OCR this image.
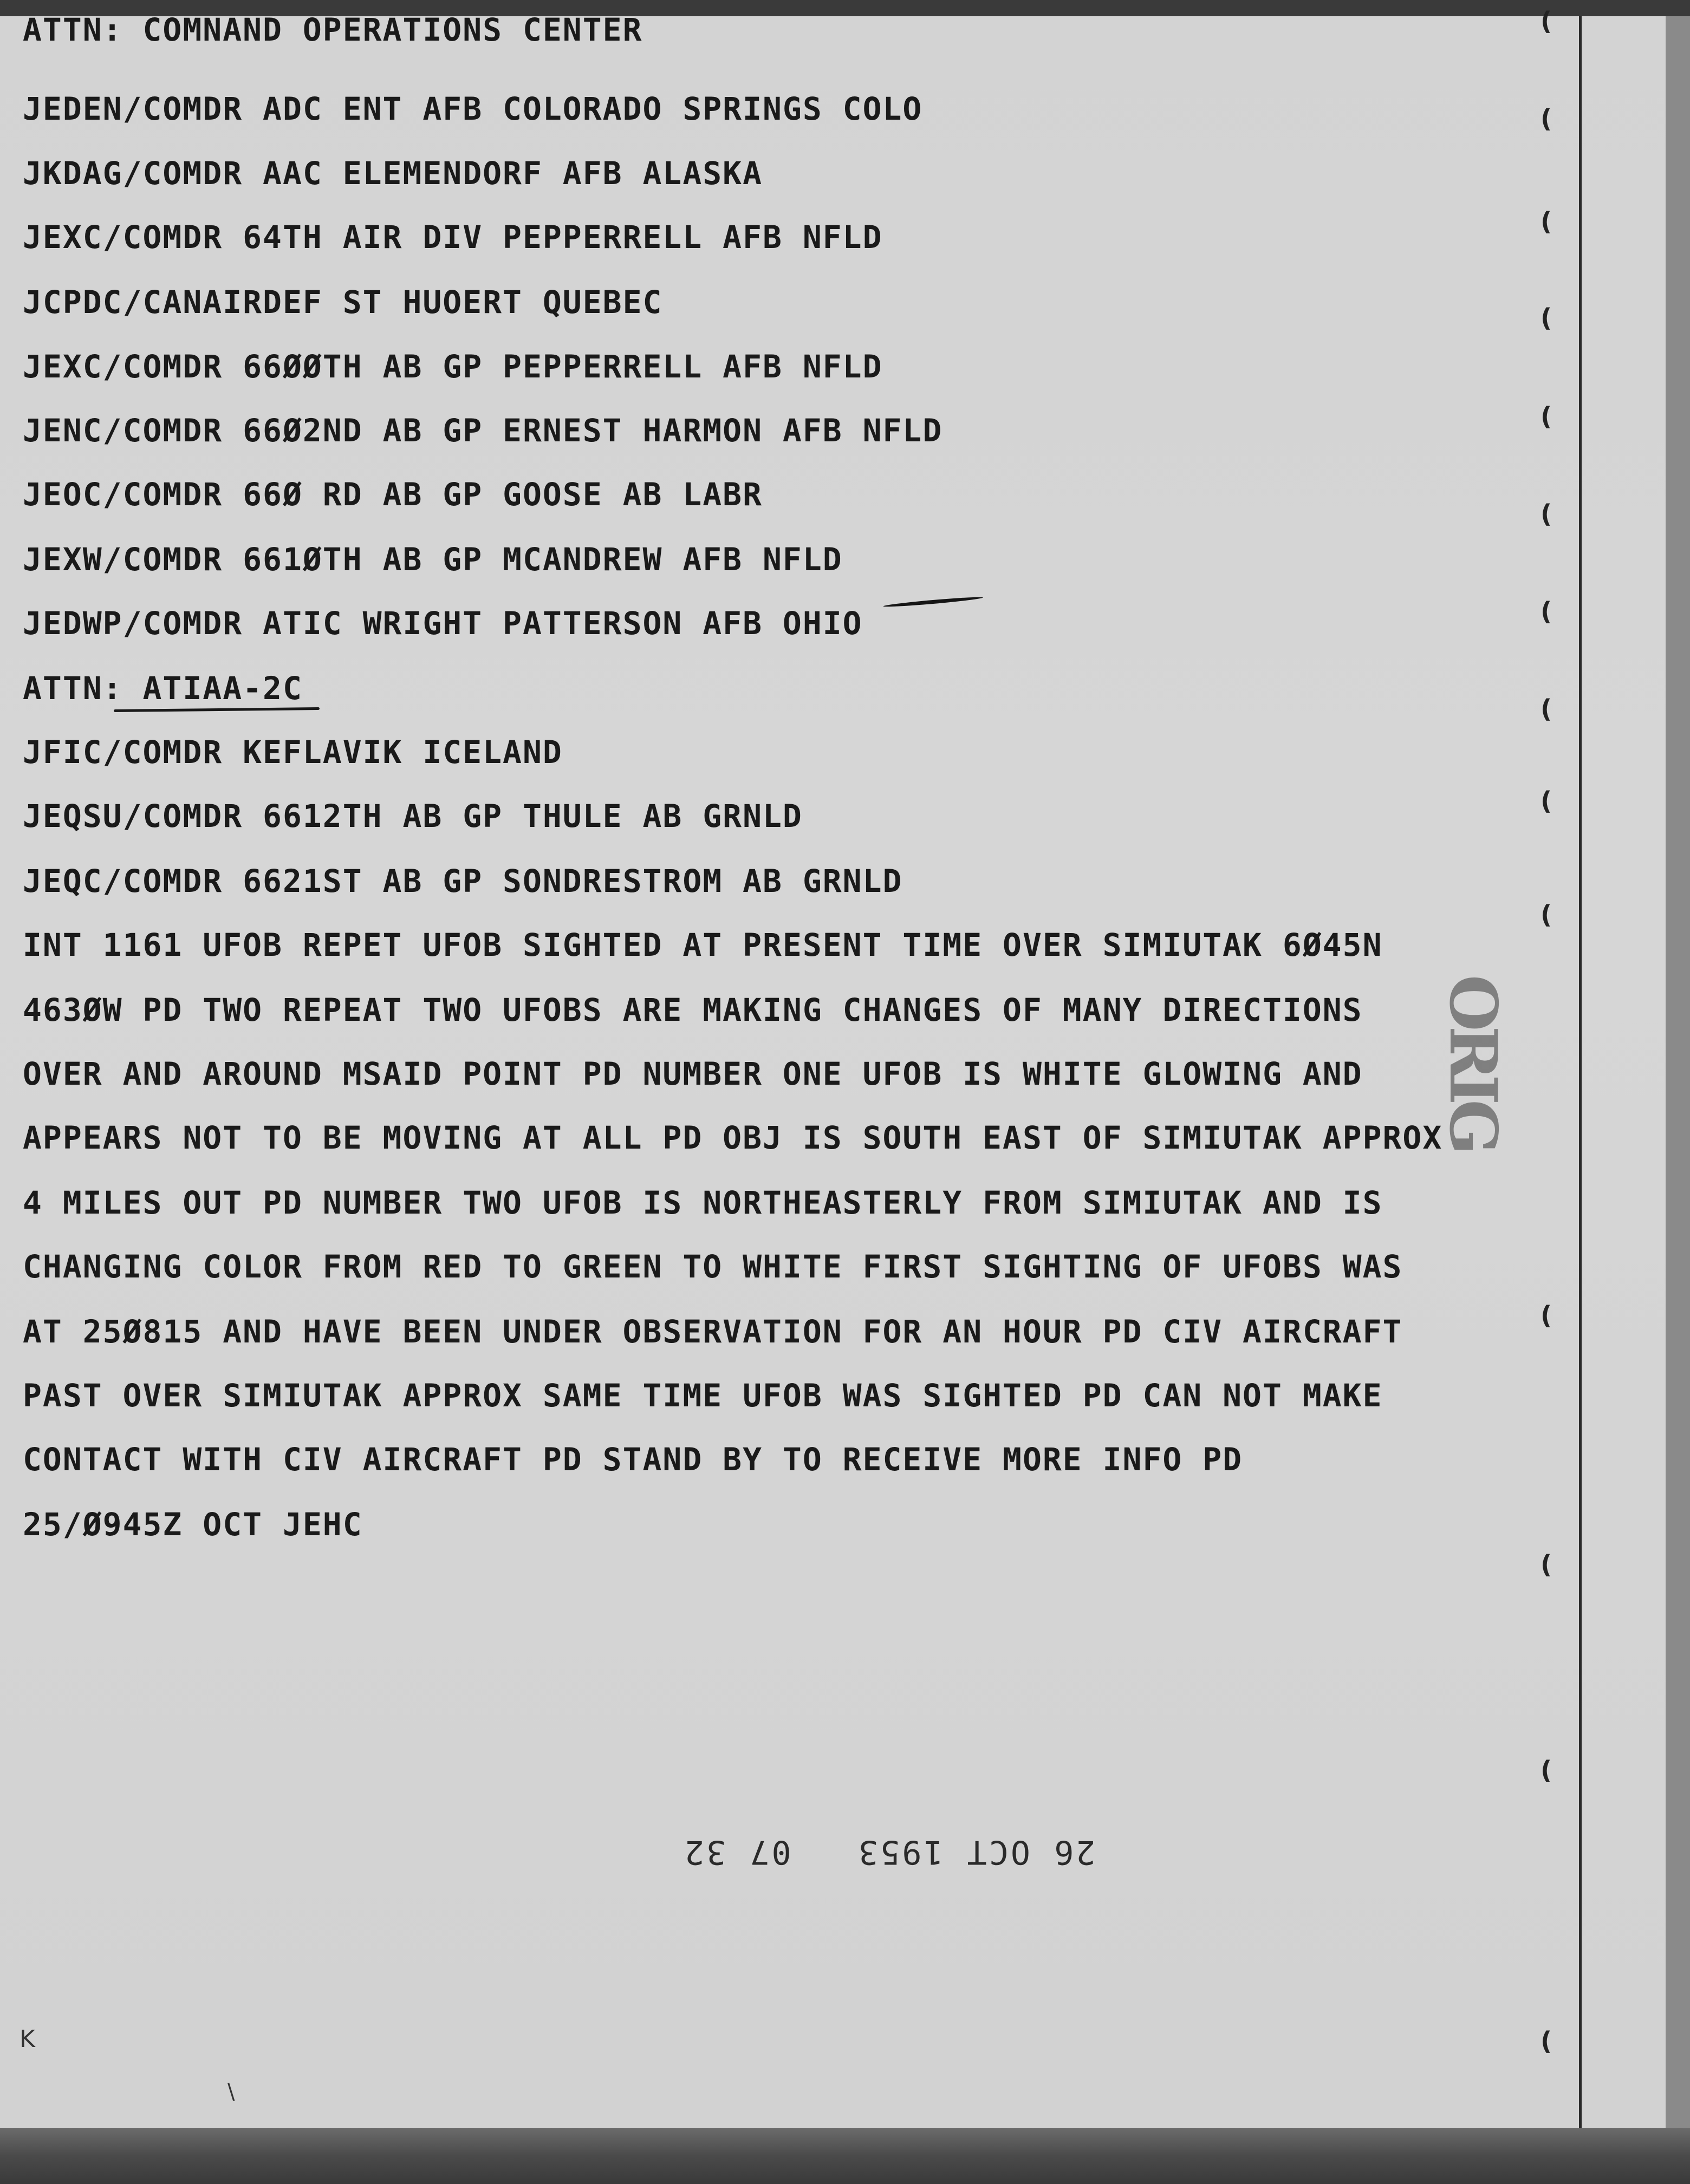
ATTN: COMNAND OPERATIONS CENTER
JEDEN/COMDR ADC ENT AFB COLORADO SPRINGS COLO
JKDAG/COMDR AAC ELEMENDORF AFB ALASKA
JEXC/COMDR 64TH AIR DIV PEPPERRELL AFB NFLD
JCPDC/CANAIRDEF ST HUOERT QUEBEC
JEXC/COMDR 66ØØTH AB GP PEPPERRELL AFB NFLD
JENC/COMDR 66Ø2ND AB GP ERNEST HARMON AFB NFLD
JEOC/COMDR 66Ø RD AB GP GOOSE AB LABR
JEXW/COMDR 661ØTH AB GP MCANDREW AFB NFLD
JEDWP/COMDR ATIC WRIGHT PATTERSON AFB OHIO
ATTN: ATIAA-2C
JFIC/COMDR KEFLAVIK ICELAND
JEQSU/COMDR 6612TH AB GP THULE AB GRNLD
JEQC/COMDR 6621ST AB GP SONDRESTROM AB GRNLD
INT 1161 UFOB REPET UFOB SIGHTED AT PRESENT TIME OVER SIMIUTAK 6Ø45N
463ØW PD TWO REPEAT TWO UFOBS ARE MAKING CHANGES OF MANY DIRECTIONS
OVER AND AROUND MSAID POINT PD NUMBER ONE UFOB IS WHITE GLOWING AND
APPEARS NOT TO BE MOVING AT ALL PD OBJ IS SOUTH EAST OF SIMIUTAK APPROX
4 MILES OUT PD NUMBER TWO UFOB IS NORTHEASTERLY FROM SIMIUTAK AND IS
CHANGING COLOR FROM RED TO GREEN TO WHITE FIRST SIGHTING OF UFOBS WAS
AT 25Ø815 AND HAVE BEEN UNDER OBSERVATION FOR AN HOUR PD CIV AIRCRAFT
PAST OVER SIMIUTAK APPROX SAME TIME UFOB WAS SIGHTED PD CAN NOT MAKE
CONTACT WITH CIV AIRCRAFT PD STAND BY TO RECEIVE MORE INFO PD
25/Ø945Z OCT JEHC
(
(
(
(
(
(
(
(
(
(
(
(
(
(
ORIG
26 OCT 1953   07 32
K
\
